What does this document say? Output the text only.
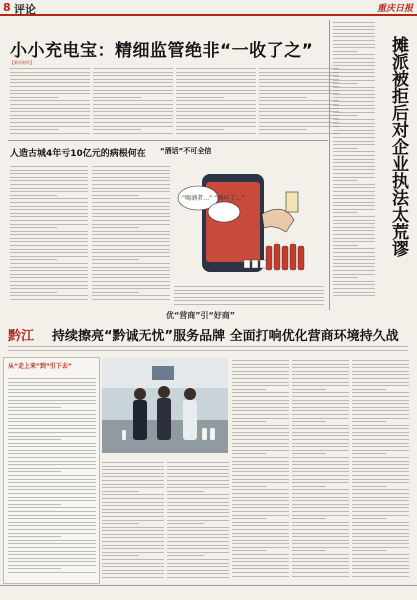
8 评论	重庆日报
小小充电宝：精细监管绝非“一收了之”
【新京时评】	摊派被拒后对企业执法太荒谬
人造古城4年亏10亿元的病根何在 “酒话”不可全信
“喝酒者…” “喝坏了…”
优“营商”引“好商”
黔江 持续擦亮“黔诚无忧”服务品牌 全面打响优化营商环境持久战
从“走上来”到“引下去”
